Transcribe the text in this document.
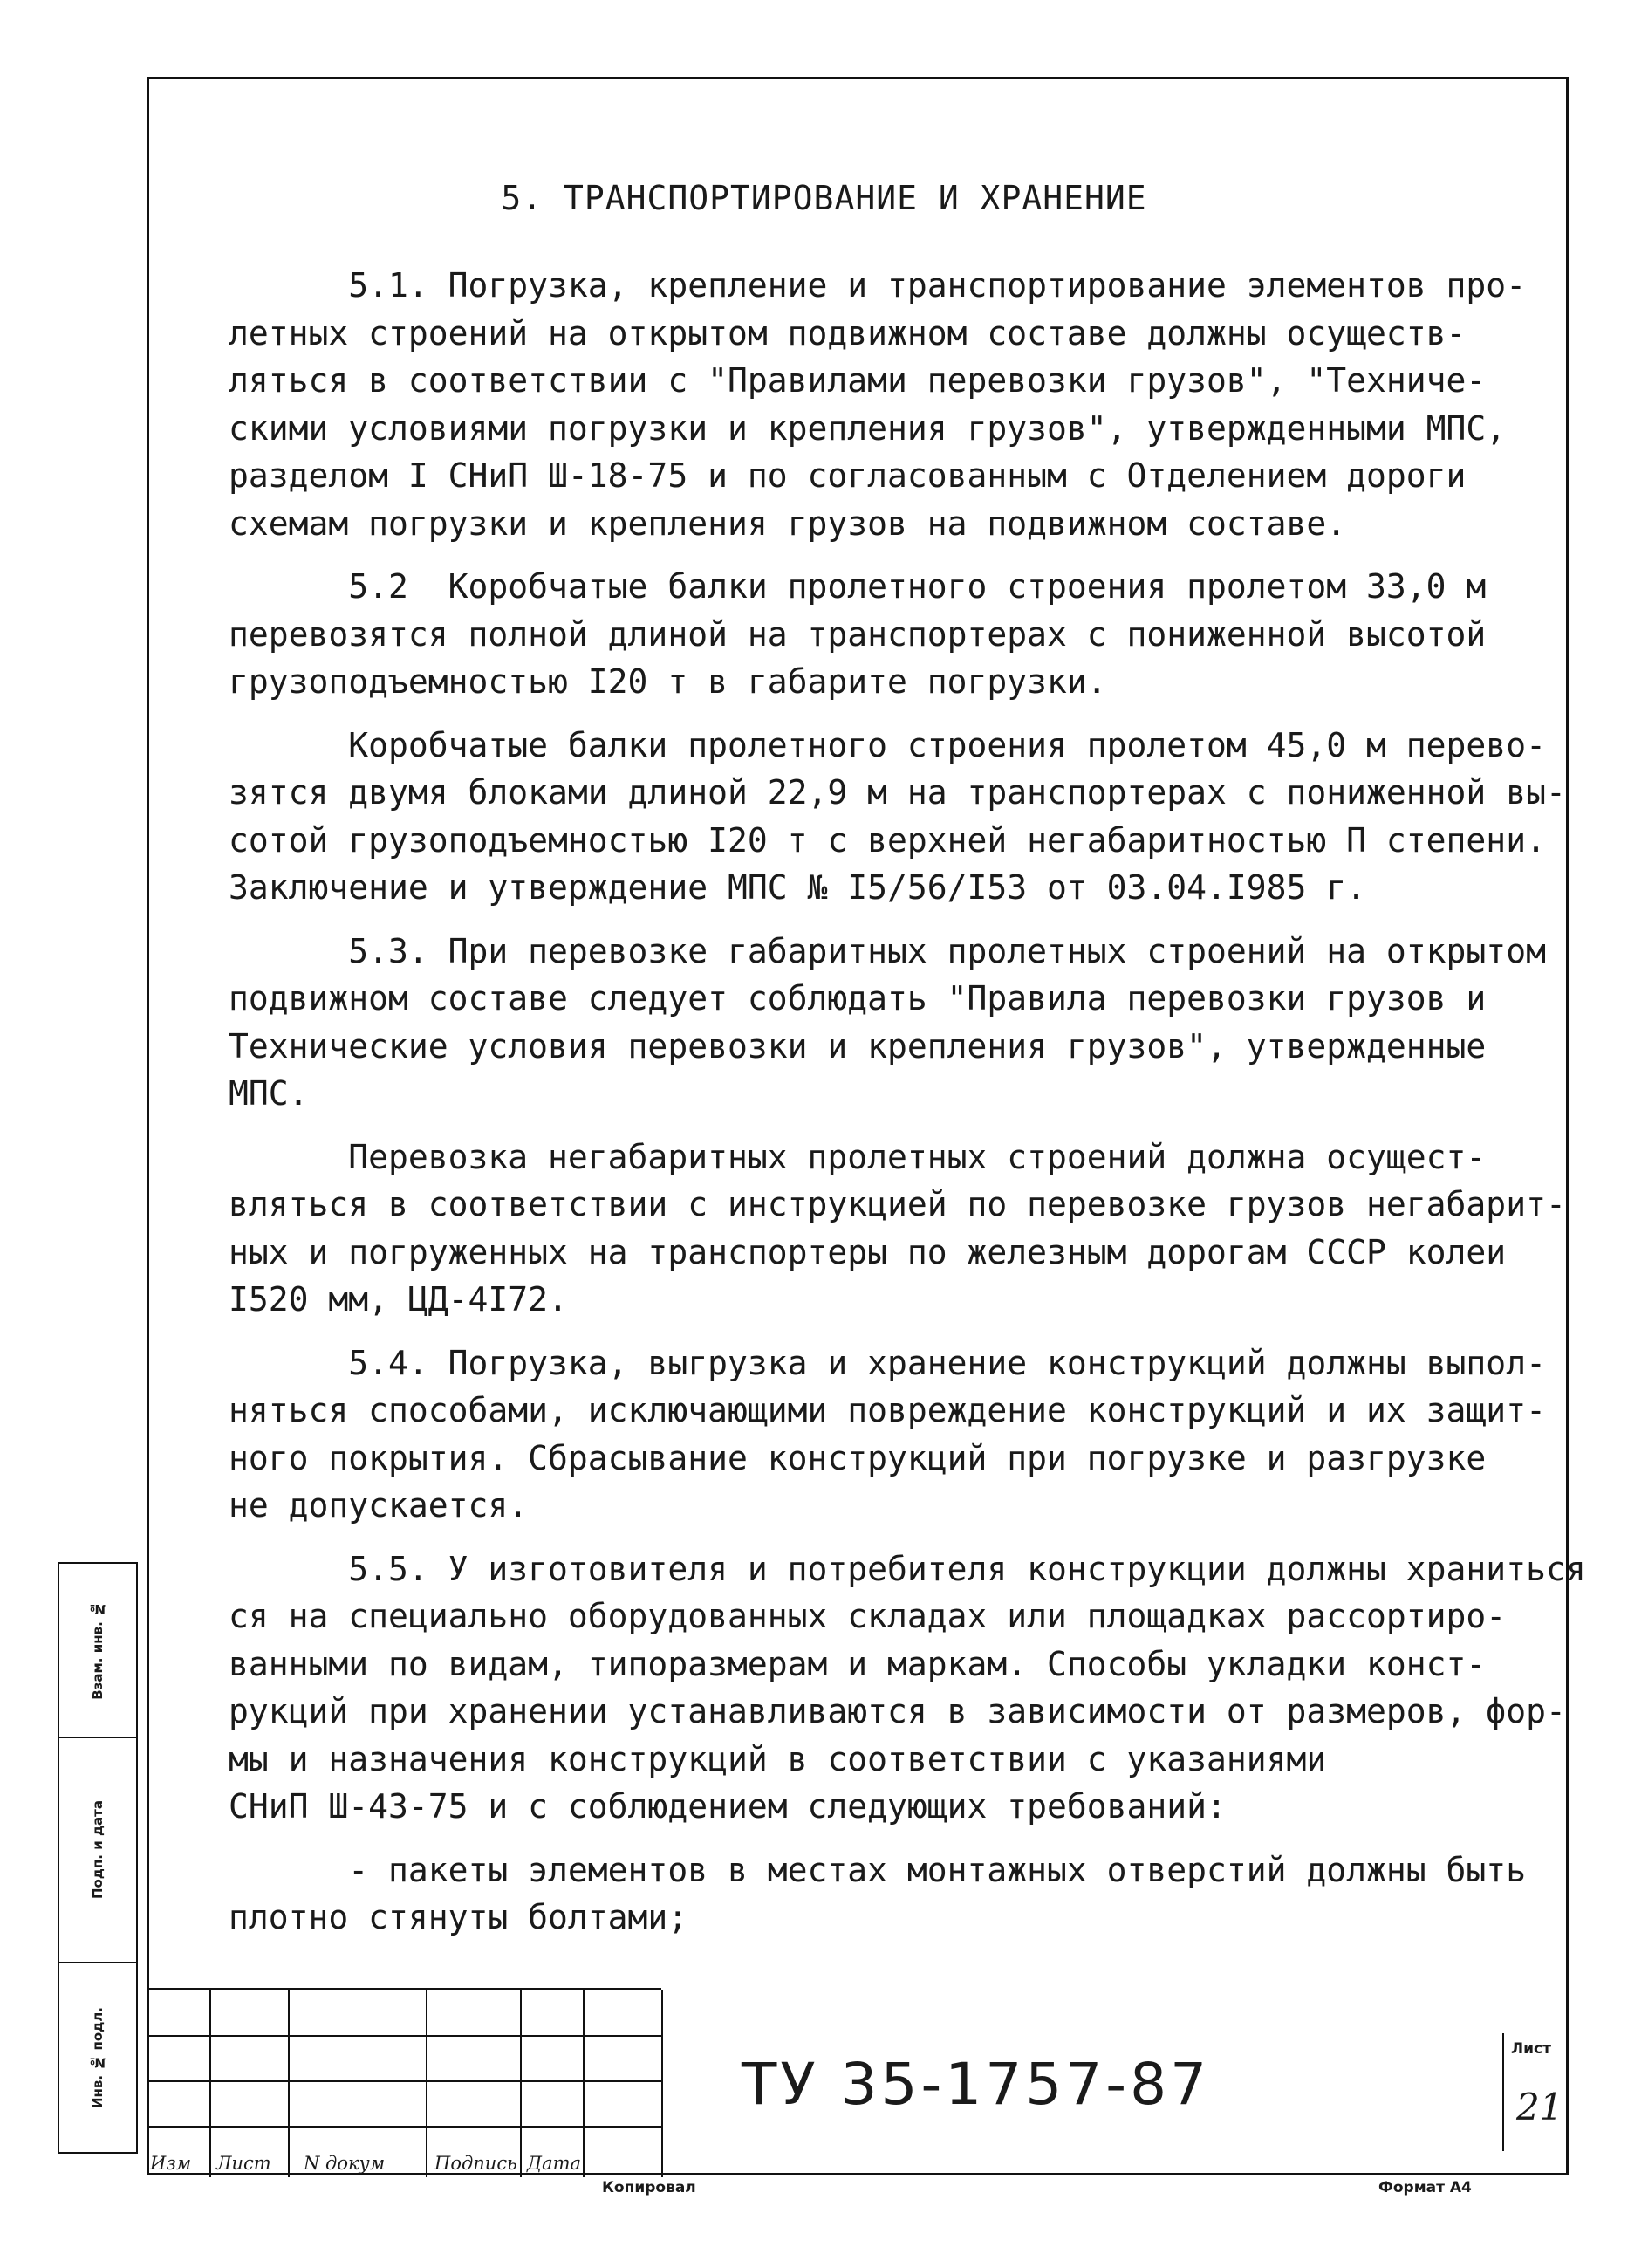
5. ТРАНСПОРТИРОВАНИЕ И ХРАНЕНИЕ

5.1. Погрузка, крепление и транспортирование элементов про-
летных строений на открытом подвижном составе должны осуществ-
ляться в соответствии с "Правилами перевозки грузов", "Техниче-
скими условиями погрузки и крепления грузов", утвержденными МПС,
разделом I СНиП Ш-18-75 и по согласованным с Отделением дороги
схемам погрузки и крепления грузов на подвижном составе.

5.2  Коробчатые балки пролетного строения пролетом 33,0 м
перевозятся полной длиной на транспортерах с пониженной высотой
грузоподъемностью I20 т в габарите погрузки.

Коробчатые балки пролетного строения пролетом 45,0 м перево-
зятся двумя блоками длиной 22,9 м на транспортерах с пониженной вы-
сотой грузоподъемностью I20 т с верхней негабаритностью П степени.
Заключение и утверждение МПС № I5/56/I53 от 03.04.I985 г.

5.3. При перевозке габаритных пролетных строений на открытом
подвижном составе следует соблюдать "Правила перевозки грузов и
Технические условия перевозки и крепления грузов", утвержденные
МПС.

Перевозка негабаритных пролетных строений должна осущест-
вляться в соответствии с инструкцией по перевозке грузов негабарит-
ных и погруженных на транспортеры по железным дорогам СССР колеи
I520 мм, ЦД-4I72.

5.4. Погрузка, выгрузка и хранение конструкций должны выпол-
няться способами, исключающими повреждение конструкций и их защит-
ного покрытия. Сбрасывание конструкций при погрузке и разгрузке
не допускается.

5.5. У изготовителя и потребителя конструкции должны храниться
ся на специально оборудованных складах или площадках рассортиро-
ванными по видам, типоразмерам и маркам. Способы укладки конст-
рукций при хранении устанавливаются в зависимости от размеров, фор-
мы и назначения конструкций в соответствии с указаниями
СНиП Ш-43-75 и с соблюдением следующих требований:

- пакеты элементов в местах монтажных отверстий должны быть
плотно стянуты болтами;

Взам. инв. №
Подп. и дата
Инв. № подл.
Изм Лист N докум	Подпись Дата
ТУ 35-1757-87
Лист
21
Копировал	Формат А4
